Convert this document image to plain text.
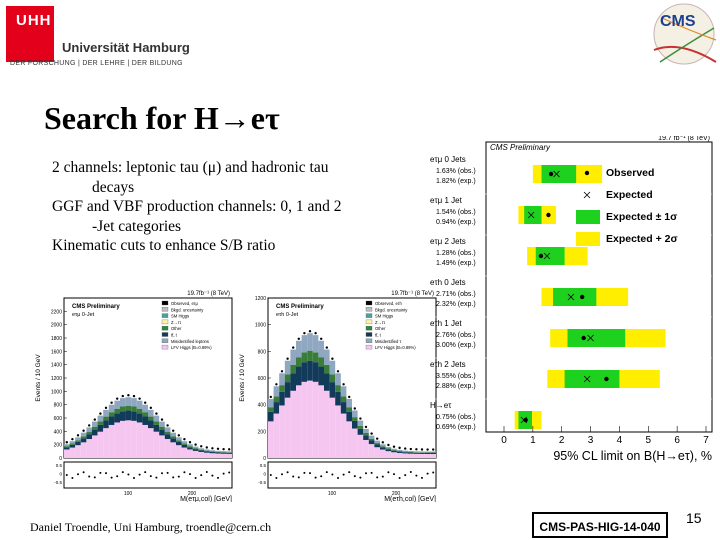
UHH
Universität Hamburg
DER FORSCHUNG | DER LEHRE | DER BILDUNG
CMS
Search for H→eτ

2 channels: leptonic tau (μ) and hadronic tau

decays

GGF and VBF production channels: 0, 1 and 2

-Jet categories

Kinematic cuts to enhance S/B ratio

19.7fb⁻¹ (8 TeV)
CMS Preliminary
eτμ 0-Jet
Events / 10 GeV
0
200
400
600
800
1000
1200
1400
1600
1800
2000
2200
Observed, eτμ
Bkgd. uncertainty
SM Higgs
Z→ττ
Other
tt̄, t
Misidentified leptons
LFV Higgs (B=0.89%)
0.5
0
-0.5
100	200
M(eτμ,col) [GeV]
19.7fb⁻¹ (8 TeV)
CMS Preliminary
eτh 0-Jet
Events / 10 GeV
0
200
400
600
800
1000
1200
Observed, eτh
Bkgd. uncertainty
SM Higgs
Z→ττ
Other
tt̄, t
Misidentified τ
LFV Higgs (B=0.89%)
0.5
0
-0.5
100	200
M(eτh,col) [GeV]
CMS Preliminary
19.7 fb⁻¹ (8 TeV)
eτμ 0 Jets
1.63% (obs.)
1.82% (exp.)
eτμ 1 Jet
1.54% (obs.)
0.94% (exp.)
eτμ 2 Jets
1.28% (obs.)
1.49% (exp.)
eτh 0 Jets
2.71% (obs.)
2.32% (exp.)
eτh 1 Jet
2.76% (obs.)
3.00% (exp.)
eτh 2 Jets
3.55% (obs.)
2.88% (exp.)
H→eτ
0.75% (obs.)
0.69% (exp.)
Observed
Expected
Expected ± 1σ
Expected + 2σ
0 1 2 3 4 5 6 7
95% CL limit on B(H→eτ), %
Daniel Troendle, Uni Hamburg, troendle@cern.ch	CMS-PAS-HIG-14-040
15
